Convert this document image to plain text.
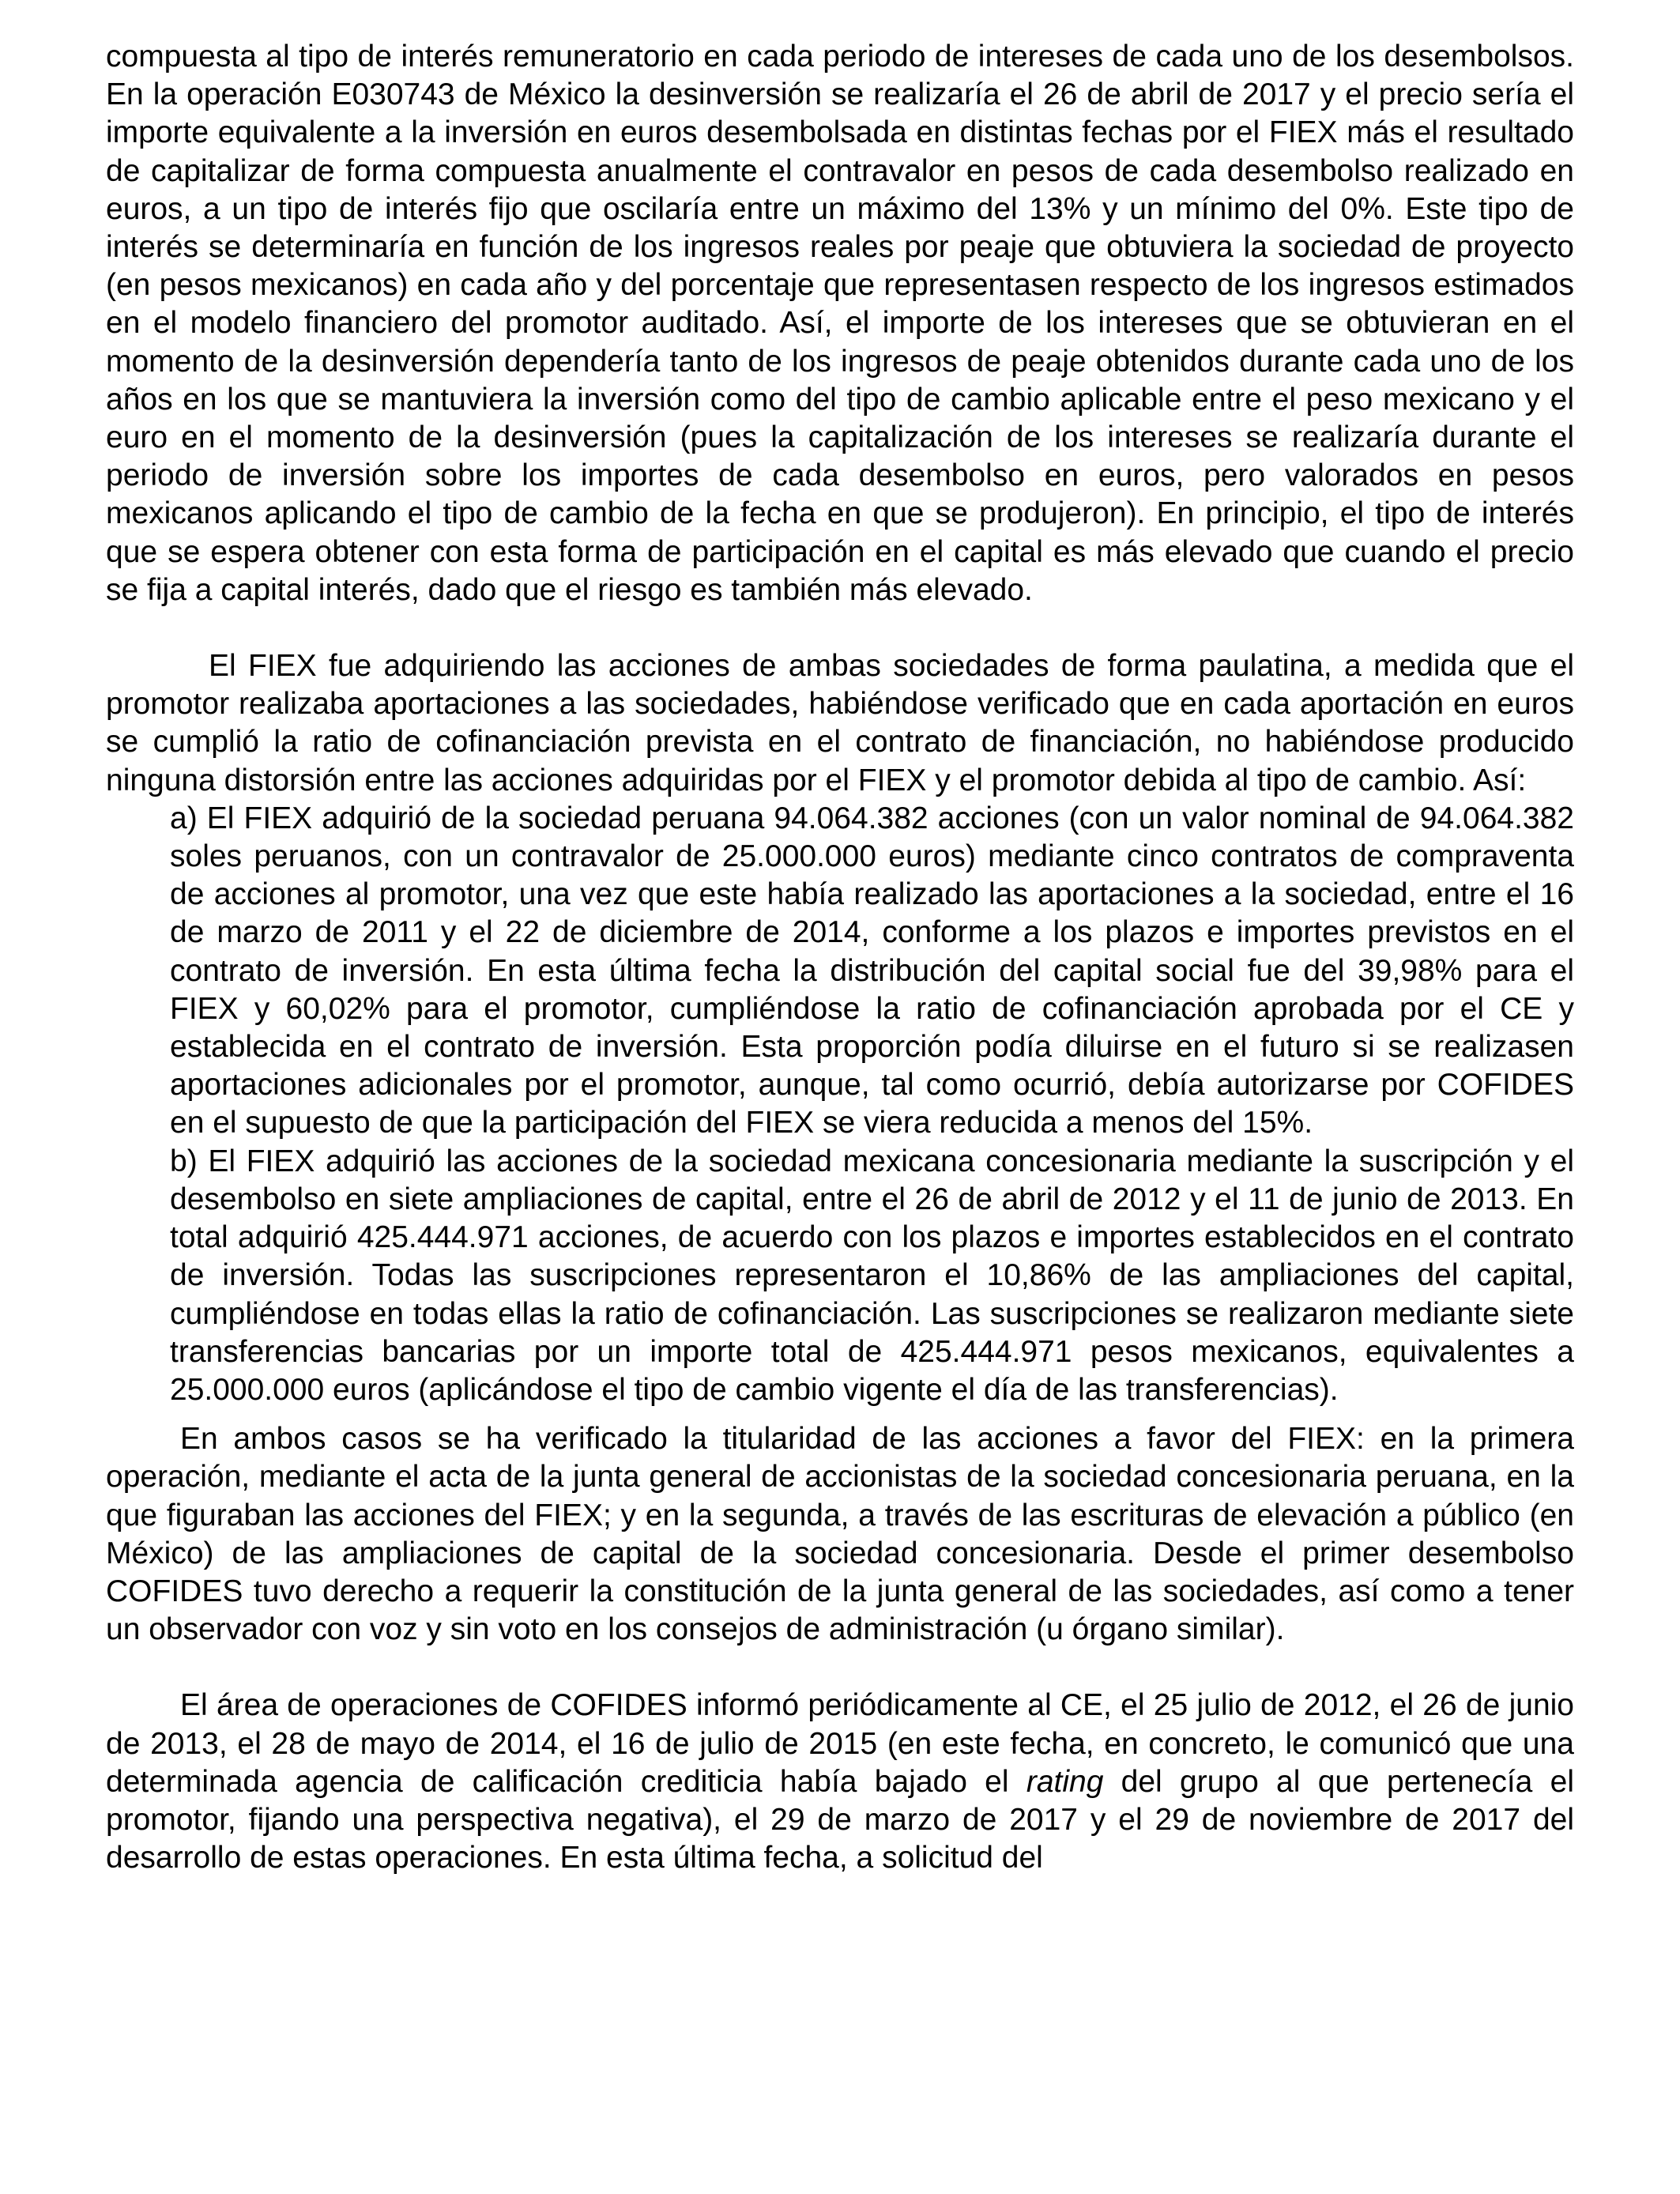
compuesta al tipo de interés remuneratorio en cada periodo de intereses de cada uno de los desembolsos. En la operación E030743 de México la desinversión se realizaría el 26 de abril de 2017 y el precio sería el importe equivalente a la inversión en euros desembolsada en distintas fechas por el FIEX más el resultado de capitalizar de forma compuesta anualmente el contravalor en pesos de cada desembolso realizado en euros, a un tipo de interés fijo que oscilaría entre un máximo del 13% y un mínimo del 0%. Este tipo de interés se determinaría en función de los ingresos reales por peaje que obtuviera la sociedad de proyecto (en pesos mexicanos) en cada año y del porcentaje que representasen respecto de los ingresos estimados en el modelo financiero del promotor auditado. Así, el importe de los intereses que se obtuvieran en el momento de la desinversión dependería tanto de los ingresos de peaje obtenidos durante cada uno de los años en los que se mantuviera la inversión como del tipo de cambio aplicable entre el peso mexicano y el euro en el momento de la desinversión (pues la capitalización de los intereses se realizaría durante el periodo de inversión sobre los importes de cada desembolso en euros, pero valorados en pesos mexicanos aplicando el tipo de cambio de la fecha en que se produjeron). En principio, el tipo de interés que se espera obtener con esta forma de participación en el capital es más elevado que cuando el precio se fija a capital interés, dado que el riesgo es también más elevado.

El FIEX fue adquiriendo las acciones de ambas sociedades de forma paulatina, a medida que el promotor realizaba aportaciones a las sociedades, habiéndose verificado que en cada aportación en euros se cumplió la ratio de cofinanciación prevista en el contrato de financiación, no habiéndose producido ninguna distorsión entre las acciones adquiridas por el FIEX y el promotor debida al tipo de cambio. Así:

a) El FIEX adquirió de la sociedad peruana 94.064.382 acciones (con un valor nominal de 94.064.382 soles peruanos, con un contravalor de 25.000.000 euros) mediante cinco contratos de compraventa de acciones al promotor, una vez que este había realizado las aportaciones a la sociedad, entre el 16 de marzo de 2011 y el 22 de diciembre de 2014, conforme a los plazos e importes previstos en el contrato de inversión. En esta última fecha la distribución del capital social fue del 39,98% para el FIEX y 60,02% para el promotor, cumpliéndose la ratio de cofinanciación aprobada por el CE y establecida en el contrato de inversión. Esta proporción podía diluirse en el futuro si se realizasen aportaciones adicionales por el promotor, aunque, tal como ocurrió, debía autorizarse por COFIDES en el supuesto de que la participación del FIEX se viera reducida a menos del 15%.

b) El FIEX adquirió las acciones de la sociedad mexicana concesionaria mediante la suscripción y el desembolso en siete ampliaciones de capital, entre el 26 de abril de 2012 y el 11 de junio de 2013. En total adquirió 425.444.971 acciones, de acuerdo con los plazos e importes establecidos en el contrato de inversión. Todas las suscripciones representaron el 10,86% de las ampliaciones del capital, cumpliéndose en todas ellas la ratio de cofinanciación. Las suscripciones se realizaron mediante siete transferencias bancarias por un importe total de 425.444.971 pesos mexicanos, equivalentes a 25.000.000 euros (aplicándose el tipo de cambio vigente el día de las transferencias).

En ambos casos se ha verificado la titularidad de las acciones a favor del FIEX: en la primera operación, mediante el acta de la junta general de accionistas de la sociedad concesionaria peruana, en la que figuraban las acciones del FIEX; y en la segunda, a través de las escrituras de elevación a público (en México) de las ampliaciones de capital de la sociedad concesionaria. Desde el primer desembolso COFIDES tuvo derecho a requerir la constitución de la junta general de las sociedades, así como a tener un observador con voz y sin voto en los consejos de administración (u órgano similar).

El área de operaciones de COFIDES informó periódicamente al CE, el 25 julio de 2012, el 26 de junio de 2013, el 28 de mayo de 2014, el 16 de julio de 2015 (en este fecha, en concreto, le comunicó que una determinada agencia de calificación crediticia había bajado el rating del grupo al que pertenecía el promotor, fijando una perspectiva negativa), el 29 de marzo de 2017 y el 29 de noviembre de 2017 del desarrollo de estas operaciones. En esta última fecha, a solicitud del
